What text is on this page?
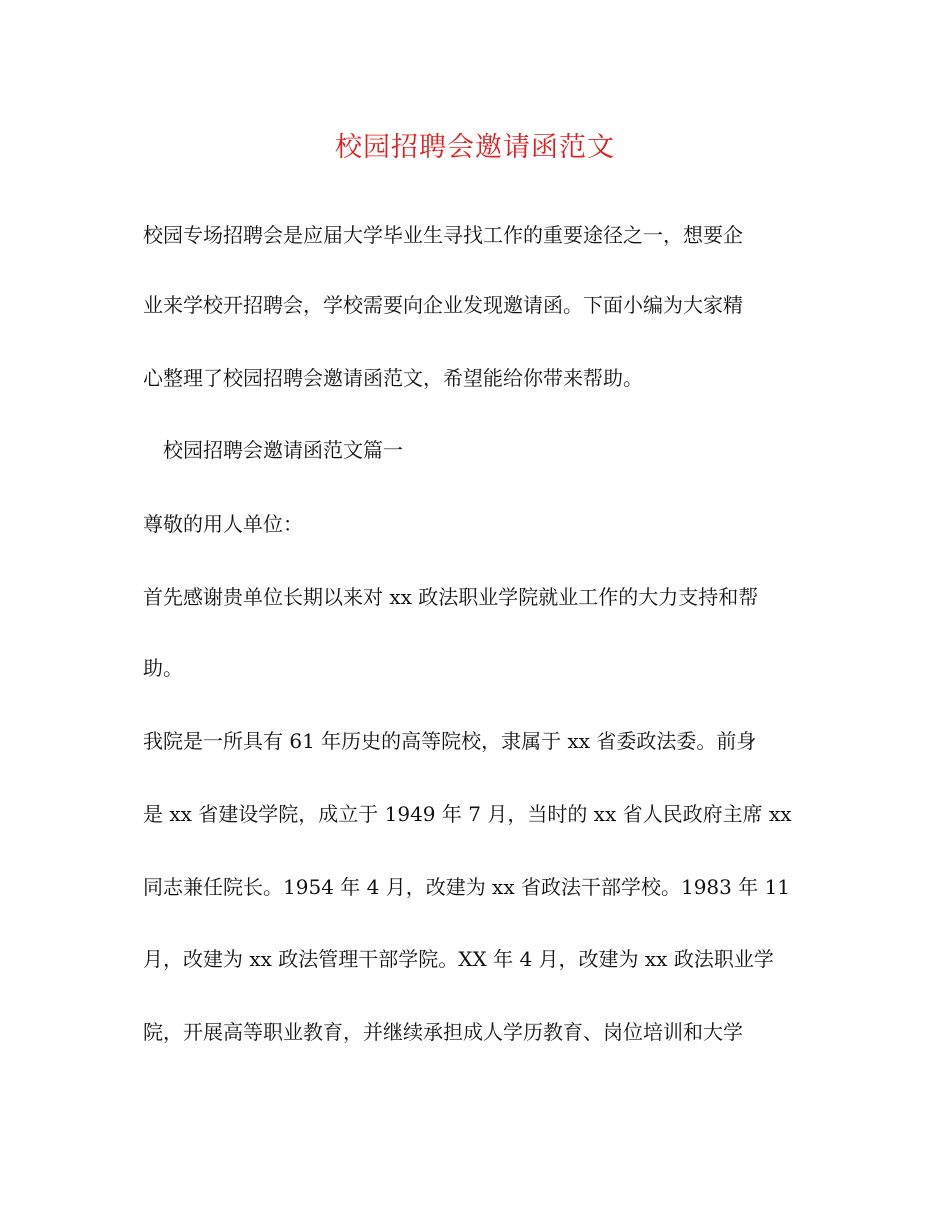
校园招聘会邀请函范文
校园专场招聘会是应届大学毕业生寻找工作的重要途径之一，想要企
业来学校开招聘会，学校需要向企业发现邀请函。下面小编为大家精
心整理了校园招聘会邀请函范文，希望能给你带来帮助。
校园招聘会邀请函范文篇一
尊敬的用人单位：
首先感谢贵单位长期以来对 xx 政法职业学院就业工作的大力支持和帮
助。
我院是一所具有 61 年历史的高等院校，隶属于 xx 省委政法委。前身
是 xx 省建设学院，成立于 1949 年 7 月，当时的 xx 省人民政府主席 xx
同志兼任院长。1954 年 4 月，改建为 xx 省政法干部学校。1983 年 11
月，改建为 xx 政法管理干部学院。XX 年 4 月，改建为 xx 政法职业学
院，开展高等职业教育，并继续承担成人学历教育、岗位培训和大学
